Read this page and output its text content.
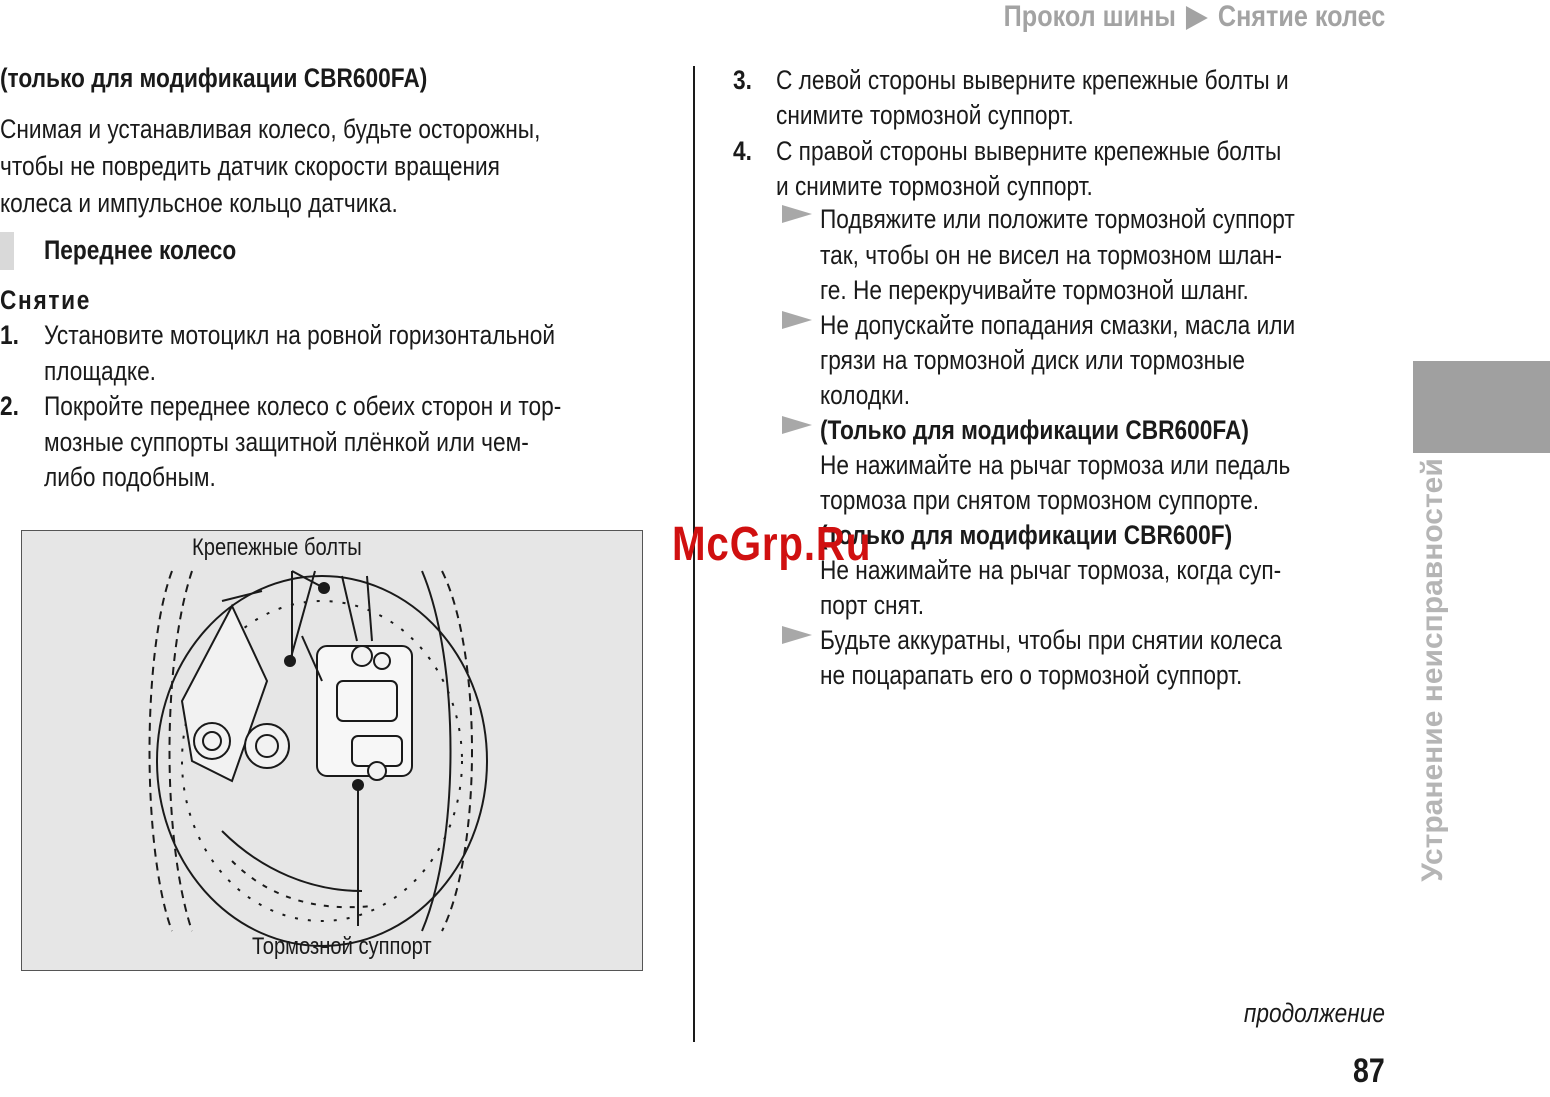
Прокол шины Снятие колес
Устранение неисправностей
(только для модификации CBR600FA)
Снимая и устанавливая колесо, будьте осторожны,
чтобы не повредить датчик скорости вращения
колеса и импульсное кольцо датчика.
Переднее колесо
Снятие
1. Установите мотоцикл на ровной горизонтальной
площадке.
2. Покройте переднее колесо с обеих сторон и тор-
мозные суппорты защитной плёнкой или чем-
либо подобным.
Крепежные болты
Тормозной суппорт
3. С левой стороны выверните крепежные болты и
снимите тормозной суппорт.
4. С правой стороны выверните крепежные болты
и снимите тормозной суппорт.
Подвяжите или положите тормозной суппорт
так, чтобы он не висел на тормозном шлан-
ге. Не перекручивайте тормозной шланг.
Не допускайте попадания смазки, масла или
грязи на тормозной диск или тормозные
колодки.
(Только для модификации CBR600FA)
Не нажимайте на рычаг тормоза или педаль
тормоза при снятом тормозном суппорте.
(только для модификации CBR600F)
Не нажимайте на рычаг тормоза, когда суп-
порт снят.
Будьте аккуратны, чтобы при снятии колеса
не поцарапать его о тормозной суппорт.
McGrp.Ru
продолжение
87
